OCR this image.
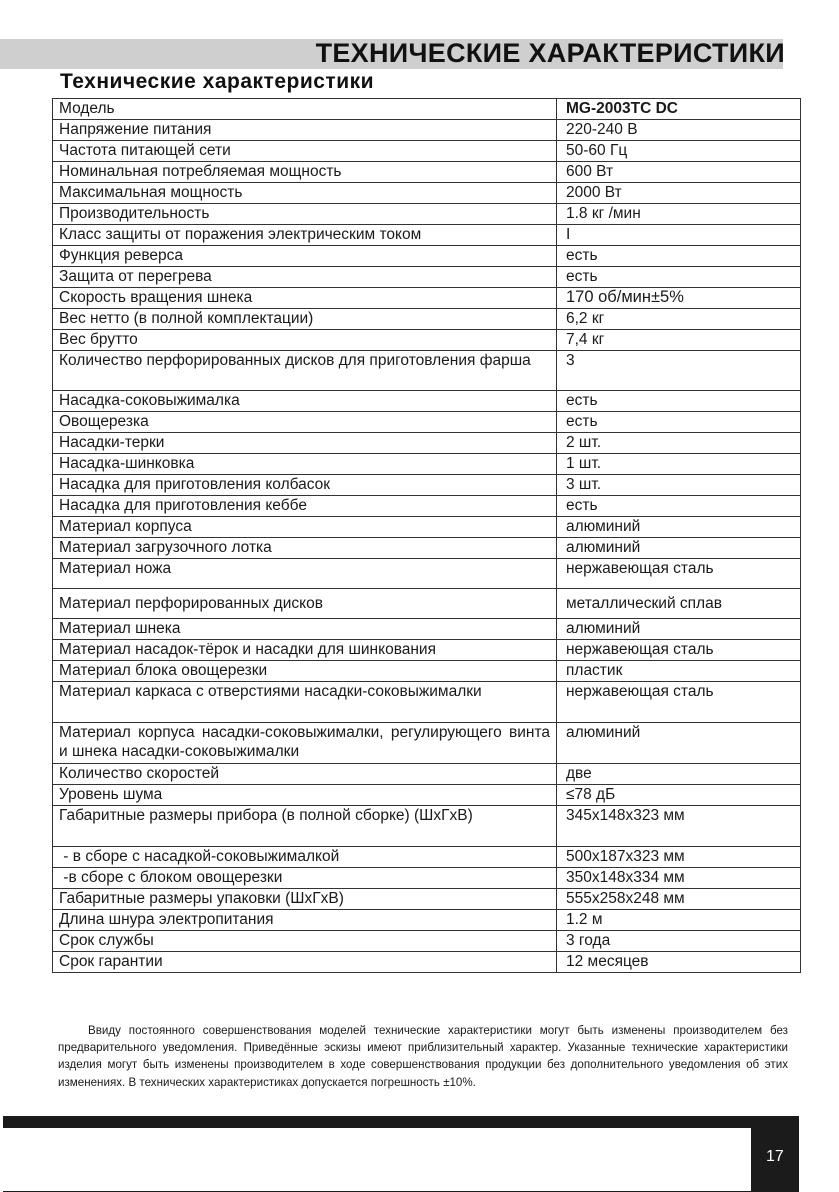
ТЕХНИЧЕСКИЕ ХАРАКТЕРИСТИКИ
Технические характеристики
Модель	MG-2003TC DC
Напряжение питания	220-240 В
Частота питающей сети	50-60 Гц
Номинальная потребляемая мощность	600 Вт
Максимальная мощность	2000 Вт
Производительность	1.8 кг /мин
Класс защиты от поражения электрическим током	I
Функция реверса	есть
Защита от перегрева	есть
Скорость вращения шнека	170 об/мин±5%
Вес нетто (в полной комплектации)	6,2 кг
Вес брутто	7,4 кг
Количество перфорированных дисков для приготовления фарша	3
Насадка-соковыжималка	есть
Овощерезка	есть
Насадки-терки	2 шт.
Насадка-шинковка	1 шт.
Насадка для приготовления колбасок	3 шт.
Насадка для приготовления кеббе	есть
Материал корпуса	алюминий
Материал загрузочного лотка	алюминий
Материал ножа	нержавеющая сталь
Материал перфорированных дисков	металлический сплав
Материал шнека	алюминий
Материал насадок-тёрок и насадки для шинкования	нержавеющая сталь
Материал блока овощерезки	пластик
Материал каркаса с отверстиями насадки-соковыжималки	нержавеющая сталь
Материал корпуса насадки-соковыжималки, регулирующего винта и шнека насадки-соковыжималки	алюминий
Количество скоростей	две
Уровень шума	≤78 дБ
Габаритные размеры прибора (в полной сборке) (ШхГхВ)	345х148х323 мм
- в сборе с насадкой-соковыжималкой	500х187х323 мм
-в сборе с блоком овощерезки	350х148х334 мм
Габаритные размеры упаковки (ШхГхВ)	555х258х248 мм
Длина шнура электропитания	1.2 м
Срок службы	3 года
Срок гарантии	12 месяцев

Ввиду постоянного совершенствования моделей технические характеристики могут быть изменены производителем без предварительного уведомления. Приведённые эскизы имеют приблизительный характер. Указанные технические характеристики изделия могут быть изменены производителем в ходе совершенствования продукции без дополнительного уведомления об этих изменениях. В технических характеристиках допускается погрешность ±10%.

17
